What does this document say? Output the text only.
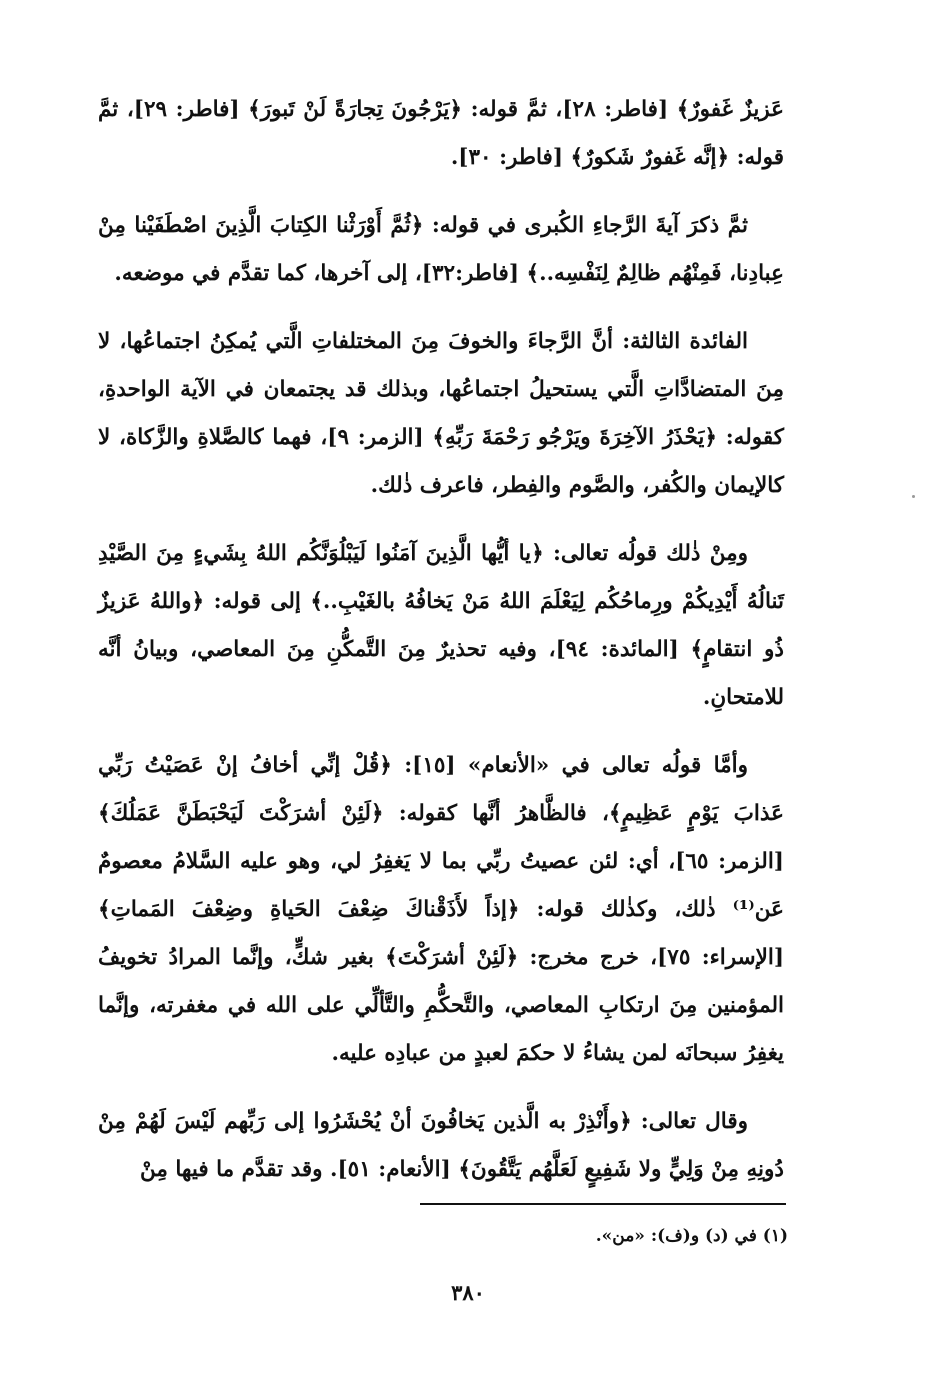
عَزيزٌ غَفورٌ﴾ [فاطر: ٢٨]، ثمَّ قوله: ﴿يَرْجُونَ تِجارَةً لَنْ تَبورَ﴾ [فاطر: ٢٩]، ثمَّ قوله: ﴿إنَّه غَفورٌ شَكورٌ﴾ [فاطر: ٣٠].

ثمَّ ذكرَ آيةَ الرَّجاءِ الكُبرى في قوله: ﴿ثُمَّ أَوْرَثْنا الكِتابَ الَّذِينَ اصْطَفَيْنا مِنْ عِبادِنا، فَمِنْهُم ظالِمٌ لِنَفْسِه..﴾ [فاطر:٣٢]، إلى آخرها، كما تقدَّم في موضعه.

الفائدة الثالثة: أنَّ الرَّجاءَ والخوفَ مِنَ المختلفاتِ الَّتي يُمكِنُ اجتماعُها، لا مِنَ المتضادَّاتِ الَّتي يستحيلُ اجتماعُها، وبذلك قد يجتمعان في الآية الواحدةِ، كقوله: ﴿يَحْذَرُ الآخِرَةَ ويَرْجُو رَحْمَةَ رَبِّهِ﴾ [الزمر: ٩]، فهما كالصَّلاةِ والزَّكاة، لا كالإيمان والكُفر، والصَّوم والفِطر، فاعرف ذٰلك.

ومِنْ ذٰلك قولُه تعالى: ﴿يا أيُّها الَّذِينَ آمَنُوا لَيَبْلُوَنَّكُم اللهُ بِشَيءٍ مِنَ الصَّيْدِ تَنالُهُ أَيْدِيكُمْ ورِماحُكُم لِيَعْلَمَ اللهُ مَنْ يَخافُهُ بالغَيْبِ..﴾ إلى قوله: ﴿واللهُ عَزيزٌ ذُو انتقامٍ﴾ [المائدة: ٩٤]، وفيه تحذيرٌ مِنَ التَّمكُّنِ مِنَ المعاصي، وبيانُ أنَّه للامتحانِ.

وأمَّا قولُه تعالى في «الأنعام» [١٥]: ﴿قُلْ إنِّي أخافُ إنْ عَصَيْتُ رَبِّي عَذابَ يَوْمٍ عَظِيمٍ﴾، فالظَّاهرُ أنَّها كقوله: ﴿لَئِنْ أشرَكْتَ لَيَحْبَطَنَّ عَمَلُكَ﴾ [الزمر: ٦٥]، أي: لئن عصيتُ ربِّي بما لا يَغفِرُ لي، وهو عليه السَّلامُ معصومٌ عَن⁽¹⁾ ذٰلك، وكذٰلك قوله: ﴿إذاً لأَذَقْناكَ ضِعْفَ الحَياةِ وضِعْفَ المَماتِ﴾ [الإسراء: ٧٥]، خرج مخرج: ﴿لَئِنْ أشرَكْتَ﴾ بغير شكٍّ، وإنَّما المرادُ تخويفُ المؤمنين مِنَ ارتكابِ المعاصي، والتَّحكُّمِ والتَّألِّي على الله في مغفرته، وإنَّما يغفِرُ سبحانَه لمن يشاءُ لا حكمَ لعبدٍ من عبادِه عليه.

وقال تعالى: ﴿وأَنْذِرْ به الَّذين يَخافُونَ أنْ يُحْشَرُوا إلى رَبِّهم لَيْسَ لَهُمْ مِنْ دُونِهِ مِنْ وَلِيٍّ ولا شَفِيعٍ لَعَلَّهُم يَتَّقُونَ﴾ [الأنعام: ٥١]. وقد تقدَّم ما فيها مِنْ

(١) في (د) و(ف): «من».
٣٨٠
